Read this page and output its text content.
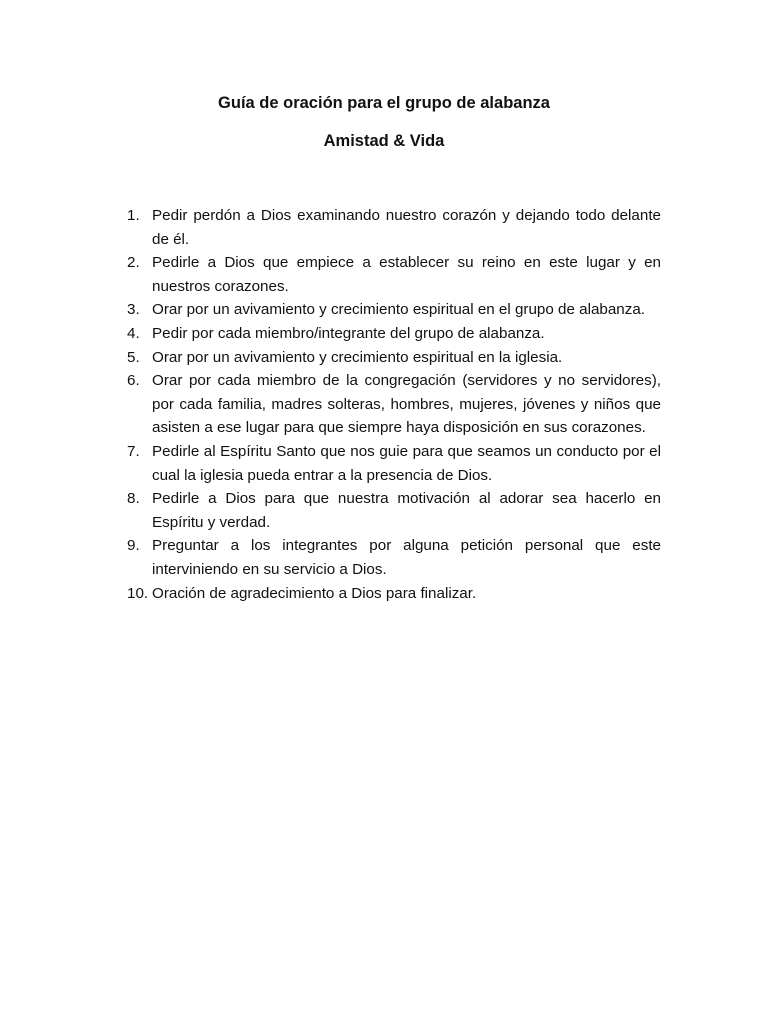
Guía de oración para el grupo de alabanza
Amistad & Vida
1. Pedir perdón a Dios examinando nuestro corazón y dejando todo delante de él.
2. Pedirle a Dios que empiece a establecer su reino en este lugar y en nuestros corazones.
3. Orar por un avivamiento y crecimiento espiritual en el grupo de alabanza.
4. Pedir por cada miembro/integrante del grupo de alabanza.
5. Orar por un avivamiento y crecimiento espiritual en la iglesia.
6. Orar por cada miembro de la congregación (servidores y no servidores), por cada familia, madres solteras, hombres, mujeres, jóvenes y niños que asisten a ese lugar para que siempre haya disposición en sus corazones.
7. Pedirle al Espíritu Santo que nos guie para que seamos un conducto por el cual la iglesia pueda entrar a la presencia de Dios.
8. Pedirle a Dios para que nuestra motivación al adorar sea hacerlo en Espíritu y verdad.
9. Preguntar a los integrantes por alguna petición personal que este interviniendo en su servicio a Dios.
10. Oración de agradecimiento a Dios para finalizar.
